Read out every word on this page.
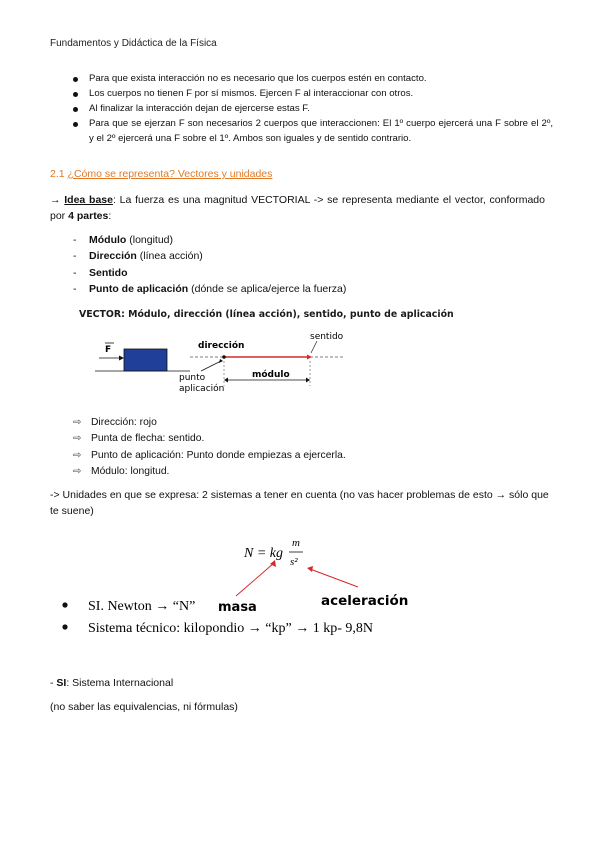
Fundamentos y Didáctica de la Física
Para que exista interacción no es necesario que los cuerpos estén en contacto.
Los cuerpos no tienen F por sí mismos. Ejercen F al interaccionar con otros.
Al finalizar la interacción dejan de ejercerse estas F.
Para que se ejerzan F son necesarios 2 cuerpos que interaccionen: El 1º cuerpo ejercerá una F sobre el 2º, y el 2º ejercerá una F sobre el 1º. Ambos son iguales y de sentido contrario.
2.1 ¿Cómo se representa? Vectores y unidades
→ Idea base: La fuerza es una magnitud VECTORIAL -> se representa mediante el vector, conformado por 4 partes:
- Módulo (longitud)
- Dirección (línea acción)
- Sentido
- Punto de aplicación (dónde se aplica/ejerce la fuerza)
VECTOR: Módulo, dirección (línea acción), sentido, punto de aplicación
F	dirección
sentido
punto
aplicación
módulo
⇨ Dirección: rojo
⇨ Punta de flecha: sentido.
⇨ Punto de aplicación: Punto donde empiezas a ejercerla.
⇨ Módulo: longitud.
-> Unidades en que se expresa: 2 sistemas a tener en cuenta (no vas hacer problemas de esto → sólo que te suene)
N = kg
m
s²
masa	aceleración
SI. Newton → “N”
Sistema técnico: kilopondio → “kp” → 1 kp- 9,8N
- SI: Sistema Internacional
(no saber las equivalencias, ni fórmulas)
